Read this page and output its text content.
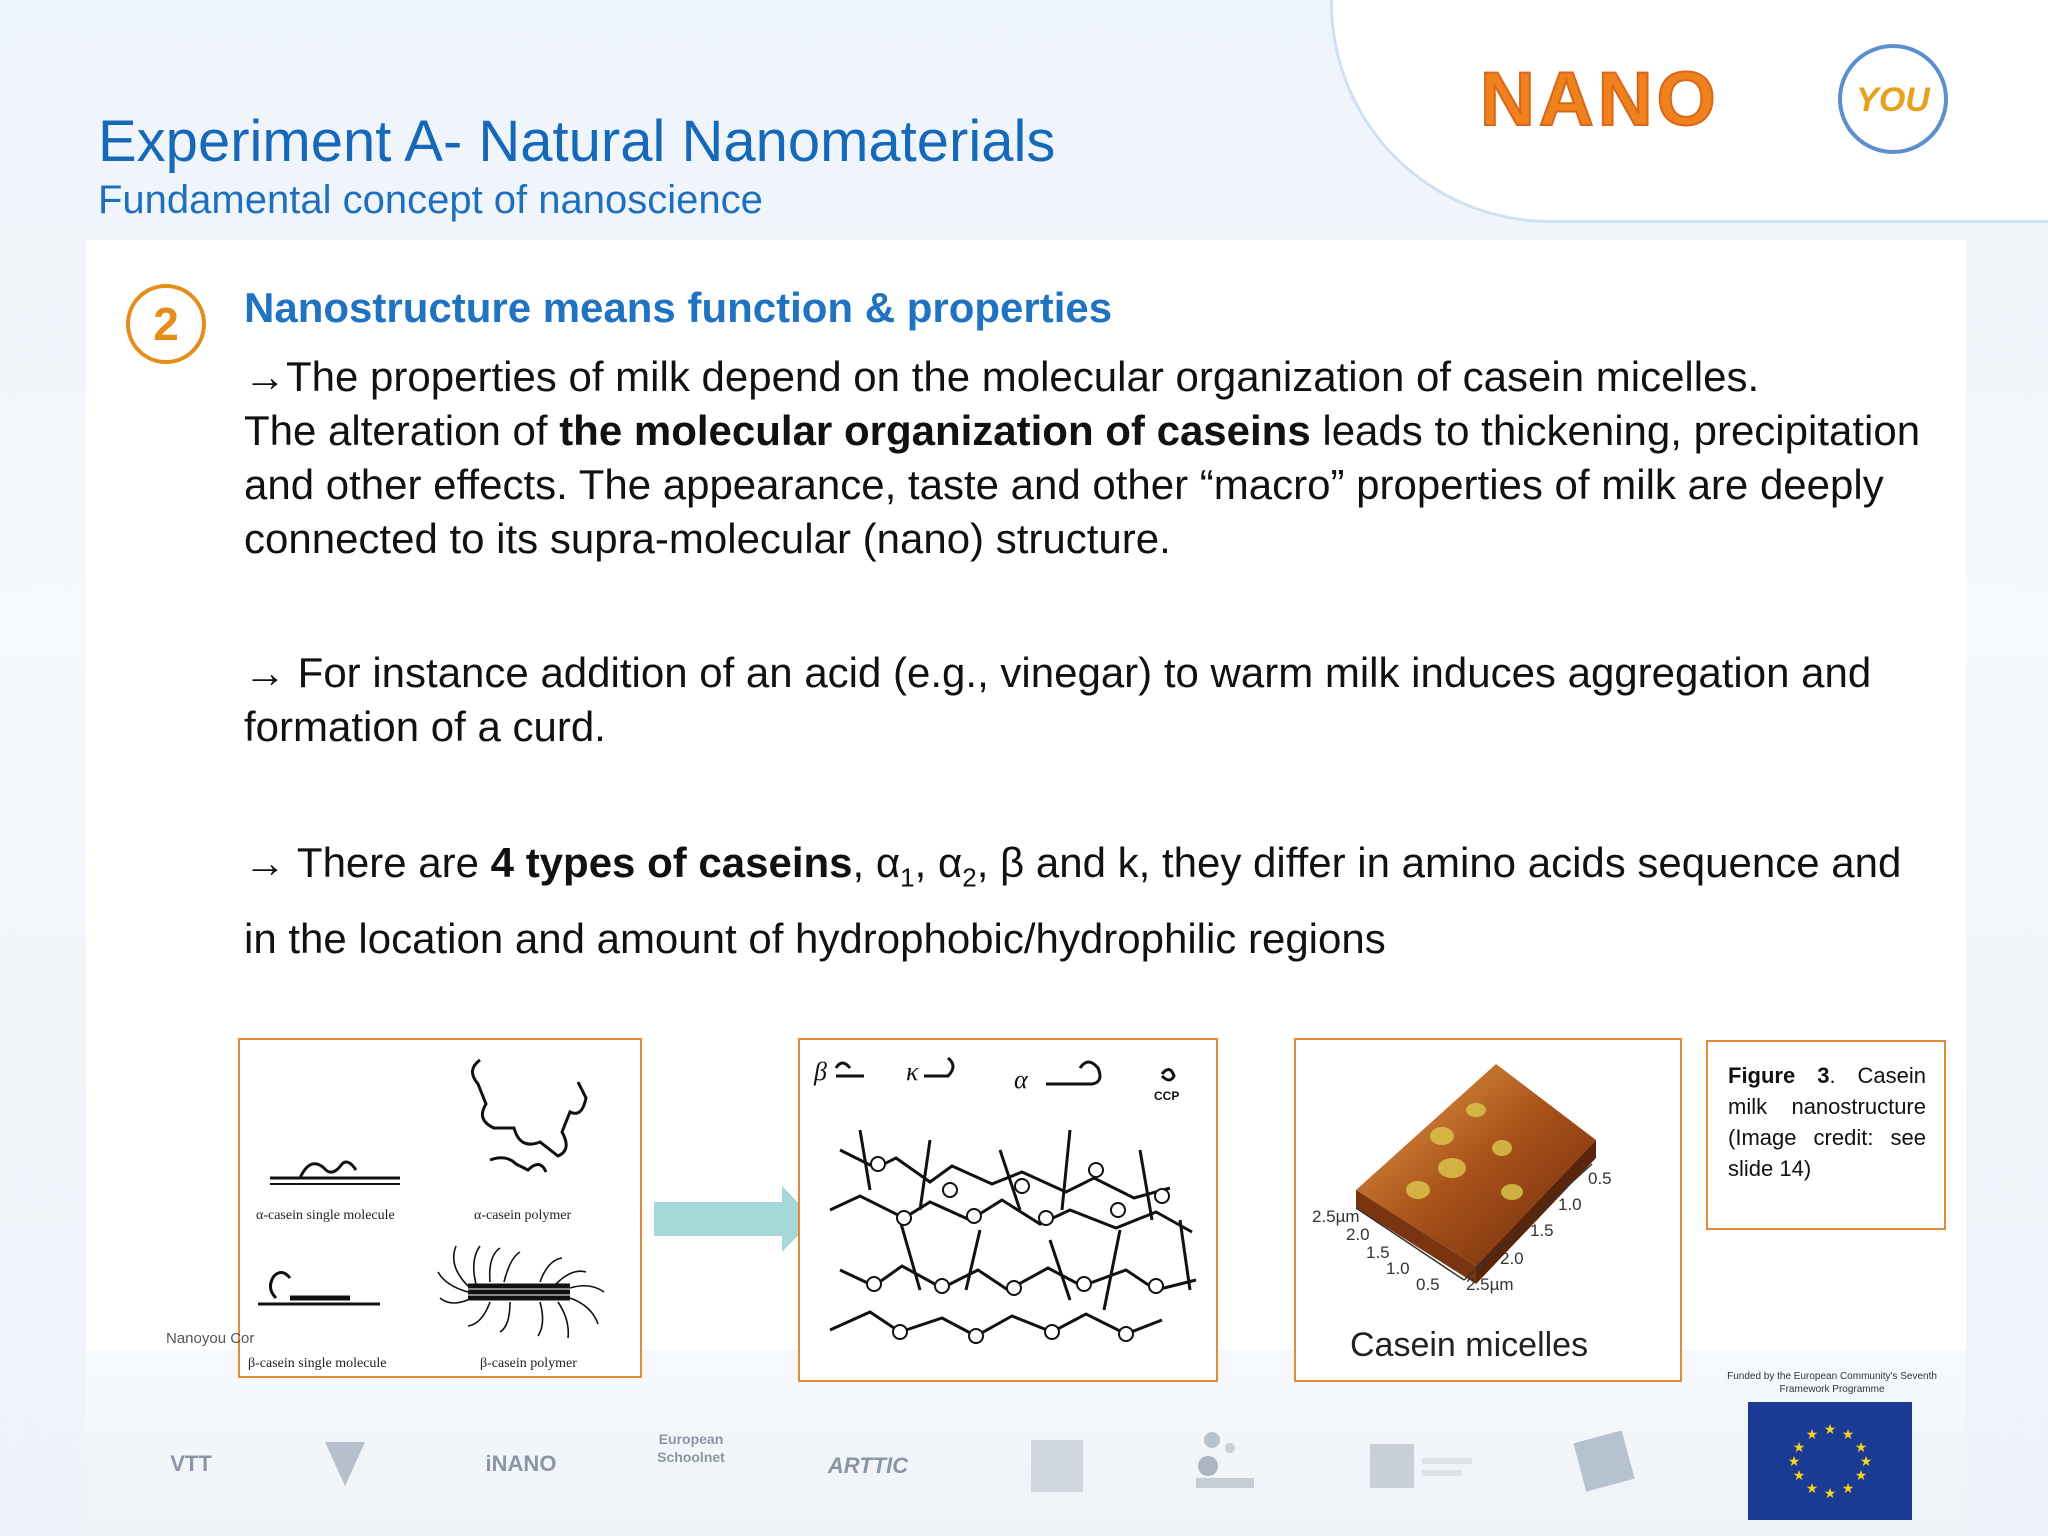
NANO	YOU
Experiment A- Natural Nanomaterials
Fundamental concept of nanoscience
2	Nanostructure means function & properties
→The properties of milk depend on the molecular organization of casein micelles.
The alteration of the molecular organization of caseins leads to thickening, precipitation and other effects. The appearance, taste and other “macro” properties of milk are deeply connected to its supra-molecular (nano) structure.
→ For instance addition of an acid (e.g., vinegar) to warm milk induces aggregation and formation of a curd.
→ There are 4 types of caseins, $\alpha_1$, $\alpha_2$, β and k, they differ in amino acids sequence and in the location and amount of hydrophobic/hydrophilic regions
α-casein single molecule	α-casein polymer
β-casein single molecule	β-casein polymer
β	κ	α
CCP
2.5µm
2.0
1.5
1.0
0.5
0.5
1.0
1.5
2.0
2.5µm
Casein micelles
Figure 3. Casein milk nanostructure (Image credit: see slide 14)
Nanoyou Cor
VTT	iNANO
European Schoolnet	ARTTIC
Funded by the European Community's Seventh Framework Programme
★ ★
★
★
★
★
★
★
★
★
★
★
